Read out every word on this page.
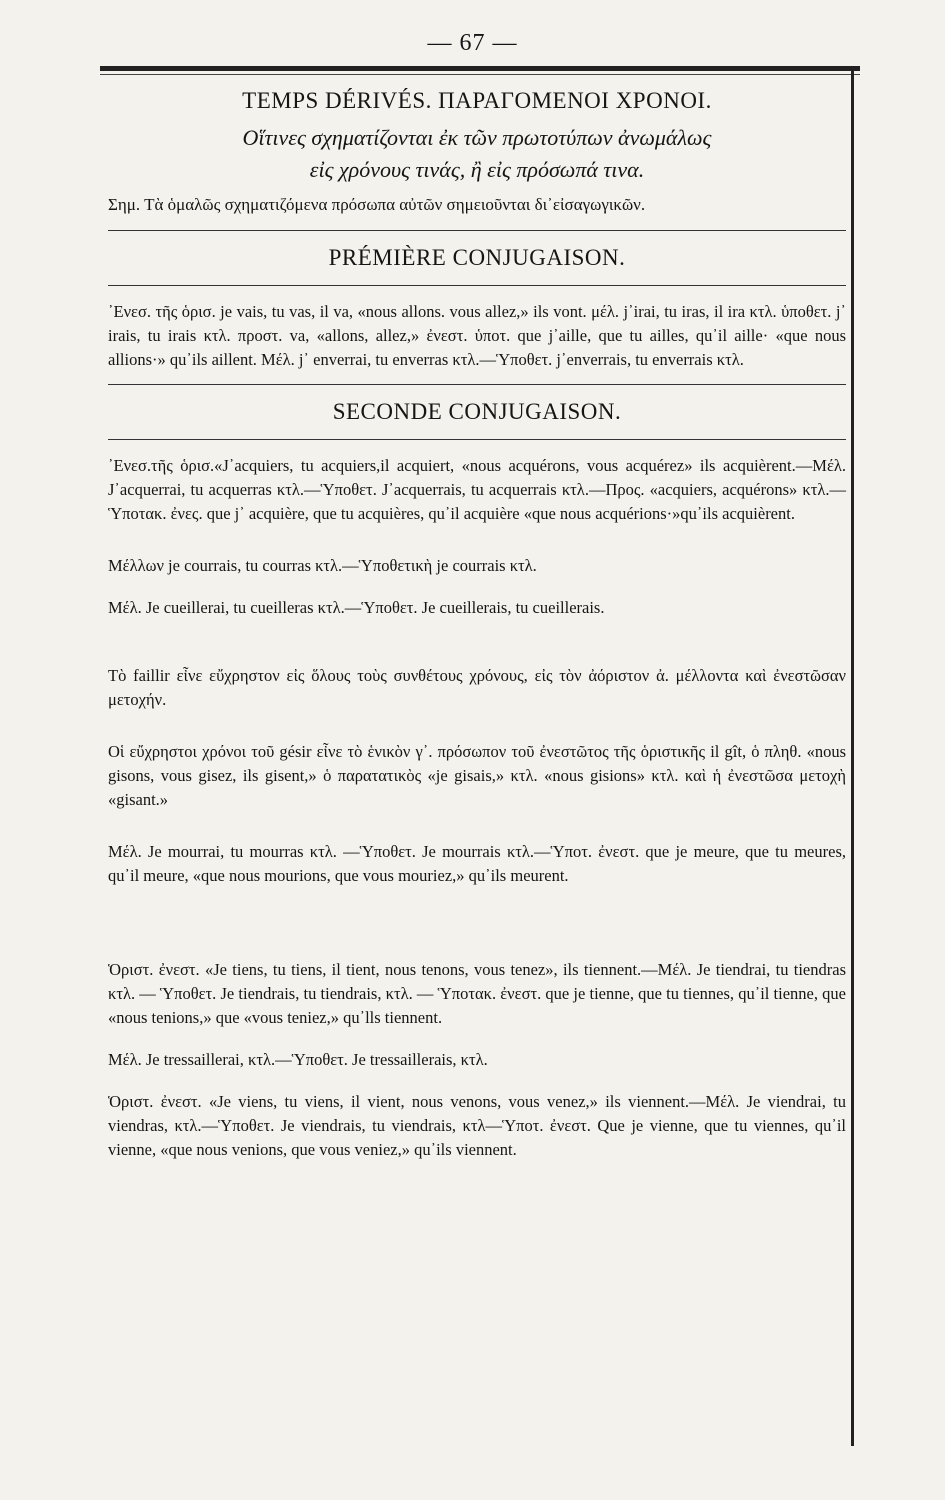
— 67 —

TEMPS DÉRIVÉS. ΠΑΡΑΓΟΜΕΝΟΙ ΧΡΟΝΟΙ.

Οἵτινες σχηματίζονται ἐκ τῶν πρωτοτύπων ἀνωμάλως

εἰς χρόνους τινάς, ἢ εἰς πρόσωπά τινα.

Σημ. Τὰ ὁμαλῶς σχηματιζόμενα πρόσωπα αὐτῶν σημειοῦνται δι᾽εἰσαγωγικῶν.

PRÉMIÈRE CONJUGAISON.

᾽Ενεσ. τῆς ὁρισ. je vais, tu vas, il va, «nous allons. vous allez,» ils vont. μέλ. j᾽irai, tu iras, il ira κτλ. ὑποθετ. j᾽ irais, tu irais κτλ. προστ. va, «allons, allez,» ἐνεστ. ὑποτ. que j᾽aille, que tu ailles, qu᾽il aille· «que nous allions·» qu᾽ils aillent. Μέλ. j᾽ enverrai, tu enverras κτλ.—Ὑποθετ. j᾽enverrais, tu enverrais κτλ.

SECONDE CONJUGAISON.

᾽Ενεσ.τῆς ὁρισ.«J᾽acquiers, tu acquiers,il acquiert, «nous acquérons, vous acquérez» ils acquièrent.—Μέλ. J᾽acquerrai, tu acquerras κτλ.—Ὑποθετ. J᾽acquerrais, tu acquerrais κτλ.—Προς. «acquiers, acquérons» κτλ.—Ὑποτακ. ἐνες. que j᾽ acquière, que tu acquières, qu᾽il acquière «que nous acquérions·»qu᾽ils acquièrent.

Μέλλων je courrais, tu courras κτλ.—Ὑποθετικὴ je courrais κτλ.

Μέλ. Je cueillerai, tu cueilleras κτλ.—Ὑποθετ. Je cueillerais, tu cueillerais.

Τὸ faillir εἶνε εὔχρηστον εἰς ὅλους τοὺς συνθέτους χρόνους, εἰς τὸν ἀόριστον ἀ. μέλλοντα καὶ ἐνεστῶσαν μετοχήν.

Οἱ εὔχρηστοι χρόνοι τοῦ gésir εἶνε τὸ ἑνικὸν γ᾽. πρόσωπον τοῦ ἐνεστῶτος τῆς ὁριστικῆς il gît, ὁ πληθ. «nous gisons, vous gisez, ils gisent,» ὁ παρατατικὸς «je gisais,» κτλ. «nous gisions» κτλ. καὶ ἡ ἐνεστῶσα μετοχὴ «gisant.»

Μέλ. Je mourrai, tu mourras κτλ. —Ὑποθετ. Je mourrais κτλ.—Ὑποτ. ἐνεστ. que je meure, que tu meures, qu᾽il meure, «que nous mourions, que vous mouriez,» qu᾽ils meurent.

Ὁριστ. ἐνεστ. «Je tiens, tu tiens, il tient, nous tenons, vous tenez», ils tiennent.—Μέλ. Je tiendrai, tu tiendras κτλ. — Ὑποθετ. Je tiendrais, tu tiendrais, κτλ. — Ὑποτακ. ἐνεστ. que je tienne, que tu tiennes, qu᾽il tienne, que «nous tenions,» que «vous teniez,» qu᾽lls tiennent.

Μέλ. Je tressaillerai, κτλ.—Ὑποθετ. Je tressaillerais, κτλ.

Ὁριστ. ἐνεστ. «Je viens, tu viens, il vient, nous venons, vous venez,» ils viennent.—Μέλ. Je viendrai, tu viendras, κτλ.—Ὑποθετ. Je viendrais, tu viendrais, κτλ—Ὑποτ. ἐνεστ. Que je vienne, que tu viennes, qu᾽il vienne, «que nous venions, que vous veniez,» qu᾽ils viennent.
